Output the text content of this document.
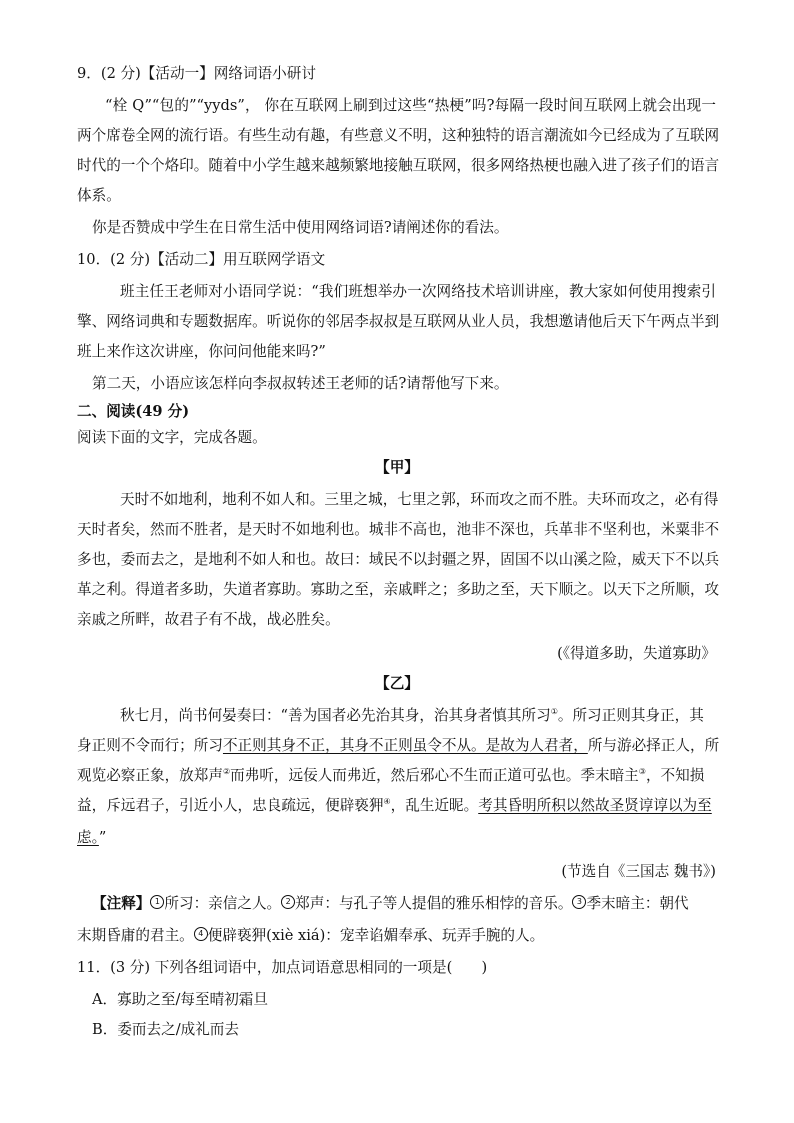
9．(2 分)【活动一】网络词语小研讨
“栓 Q”“包的”“yyds”， 你在互联网上刷到过这些“热梗”吗?每隔一段时间互联网上就会出现一
两个席卷全网的流行语。有些生动有趣，有些意义不明，这种独特的语言潮流如今已经成为了互联网
时代的一个个烙印。随着中小学生越来越频繁地接触互联网，很多网络热梗也融入进了孩子们的语言
体系。
你是否赞成中学生在日常生活中使用网络词语?请阐述你的看法。
10．(2 分)【活动二】用互联网学语文
班主任王老师对小语同学说：“我们班想举办一次网络技术培训讲座，教大家如何使用搜索引
擎、网络词典和专题数据库。听说你的邻居李叔叔是互联网从业人员，我想邀请他后天下午两点半到
班上来作这次讲座，你问问他能来吗?”
第二天，小语应该怎样向李叔叔转述王老师的话?请帮他写下来。
二、阅读(49 分)
阅读下面的文字，完成各题。
【甲】
天时不如地利，地利不如人和。三里之城，七里之郭，环而攻之而不胜。夫环而攻之，必有得
天时者矣，然而不胜者，是天时不如地利也。城非不高也，池非不深也，兵革非不坚利也，米粟非不
多也，委而去之，是地利不如人和也。故曰：域民不以封疆之界，固国不以山溪之险，威天下不以兵
革之利。得道者多助，失道者寡助。寡助之至，亲戚畔之；多助之至，天下顺之。以天下之所顺，攻
亲戚之所畔，故君子有不战，战必胜矣。
(《得道多助，失道寡助》
【乙】
秋七月，尚书何晏奏曰：“善为国者必先治其身，治其身者慎其所习①。所习正则其身正，其
身正则不令而行；所习不正则其身不正，其身不正则虽令不从。是故为人君者，所与游必择正人，所
观览必察正象，放郑声②而弗听，远佞人而弗近，然后邪心不生而正道可弘也。季末暗主③，不知损
益，斥远君子，引近小人，忠良疏远，便辟亵狎④，乱生近昵。考其昏明所积以然故圣贤谆谆以为至
虑。”
(节选自《三国志 魏书》)
【注释】 1 所习：亲信之人。 2 郑声：与孔子等人提倡的雅乐相悖的音乐。 3 季末暗主：朝代
末期昏庸的君主。 4 便辟亵狎(xiè xiá)：宠幸谄媚奉承、玩弄手腕的人。
11．(3 分) 下列各组词语中，加点词语意思相同的一项是(　　)
A．寡助之至/每至晴初霜旦
B．委而去之/成礼而去
